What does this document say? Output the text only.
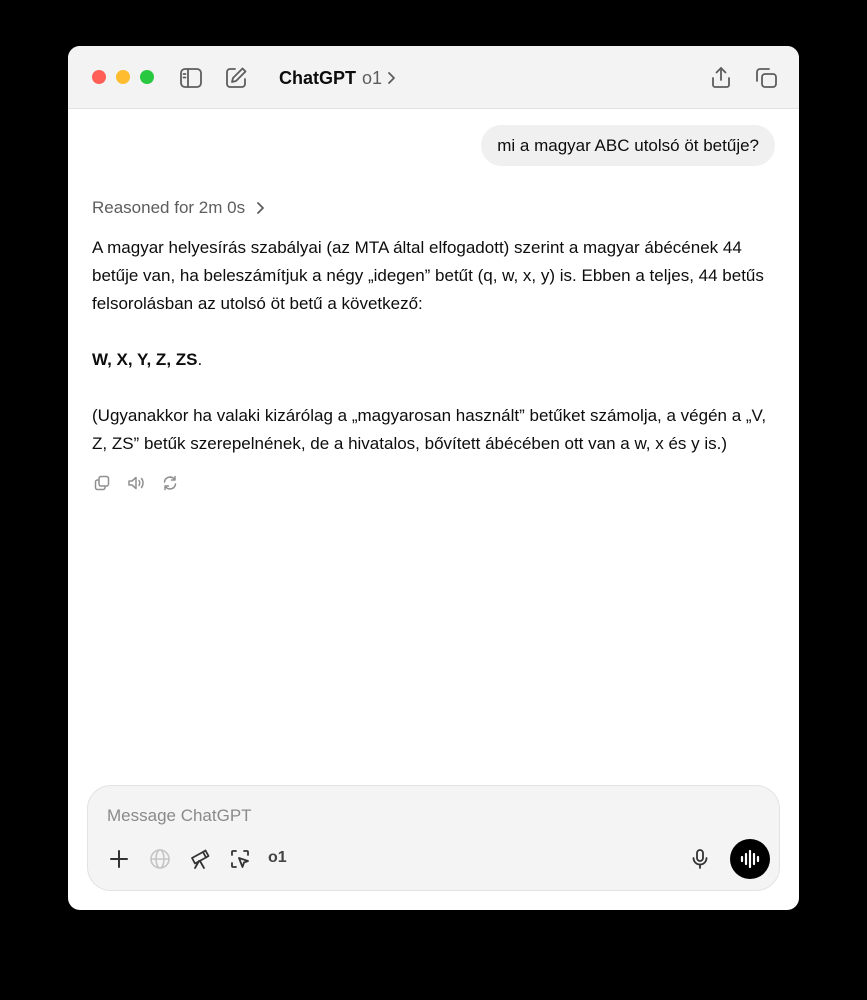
ChatGPT o1
mi a magyar ABC utolsó öt betűje?
Reasoned for 2m 0s

A magyar helyesírás szabályai (az MTA által elfogadott) szerint a magyar ábécének 44 betűje van, ha beleszámítjuk a négy „idegen” betűt (q, w, x, y) is. Ebben a teljes, 44 betűs felsorolásban az utolsó öt betű a következő:

W, X, Y, Z, ZS.

(Ugyanakkor ha valaki kizárólag a „magyarosan használt” betűket számolja, a végén a „V, Z, ZS” betűk szerepelnének, de a hivatalos, bővített ábécében ott van a w, x és y is.)

Message ChatGPT
o1
